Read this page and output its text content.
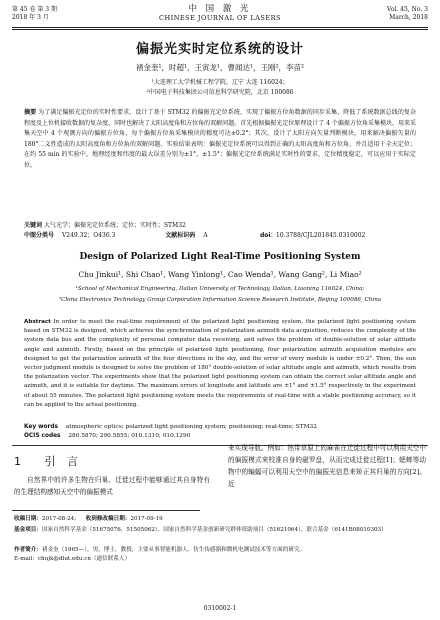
第 45 卷 第 3 期
2018 年 3 月
中 国 激 光
CHINESE JOURNAL OF LASERS
Vol. 45, No. 3
March, 2018
偏振光实时定位系统的设计
褚金奎¹，时超¹，王寅龙¹，曹闻达¹，王刚²，李苗²
¹大连理工大学机械工程学院，辽宁 大连 116024；
²中国电子科技集团公司信息科学研究院，北京 100086
摘要 为了满足偏振光定位的实时性要求，设计了基于 STM32 的偏振光定位系统，实现了偏振方位角数据的同步采集，降低了系统数据总线的复杂程度及上位机接收数据的复杂度，同时也解决了太阳高度角和方位角的双解问题。首先根据偏振光定位原理设计了 4 个偏振方位角采集模块，用来采集天空中 4 个观测方向的偏振方位角，每个偏振方位角采集模块的精度可达±0.2°；其次，设计了太阳方向矢量判断模块，用来解决偏振矢量的 180°二义性造成的太阳高度角和方位角的双解问题。实验结果表明：偏振光定位系统可以得到正确的太阳高度角和方位角，并且适用于全天定位；在约 55 min 的实验中，地理经度和纬度的最大误差分别为±1°，±1.5°；偏振光定位系统满足实时性的要求，定位精度稳定，可以应用于实际定位。
关键词 大气光学；偏振光定位系统；定位；实时性；STM32
中图分类号 V249.32；O436.3	文献标识码 A	doi： 10.3788/CJL201845.0310002
Design of Polarized Light Real-Time Positioning System
Chu Jinkui¹, Shi Chao¹, Wang Yinlong¹, Cao Wenda¹, Wang Gang², Li Miao²
¹School of Mechanical Engineering, Dalian University of Technology, Dalian, Liaoning 116024, China;
²China Electronics Technology Group Corporation Information Science Research Institute, Beijing 100086, China
Abstract In order to meet the real-time requirement of the polarized light positioning system, the polarized light positioning system based on STM32 is designed, which achieves the synchronization of polarization azimuth data acquisition, reduces the complexity of the system data bus and the complexity of personal computer data receiving, and solves the problem of double-solution of solar altitude angle and azimuth. Firstly, based on the principle of polarized light positioning, four polarization azimuth acquisition modules are designed to get the polarization azimuth of the four directions in the sky, and the error of every module is under ±0.2°. Then, the sun vector judgment module is designed to solve the problem of 180° double-solution of solar altitude angle and azimuth, which results from the polarization vector. The experiments show that the polarized light positioning system can obtain the correct solar altitude angle and azimuth, and it is suitable for daytime. The maximum errors of longitude and latitude are ±1° and ±1.5° respectively in the experiment of about 55 minutes. The polarized light positioning system meets the requirements of real-time with a stable positioning accuracy, so it can be applied to the actual positioning.
Key words atmospheric optics; polarized light positioning system; positioning; real-time; STM32
OCIS codes 280.5870; 290.5855; 010.1310; 010.1290
1 引 言
自然界中的许多生物在归巢、迁徙过程中能够通过其自身特有的生理结构感知天空中的偏振模式
来实现导航。例如：热带草原上的麻雀在迁徙过程中可以利用天空中的偏振模式来校准自身的磁罗盘，从而完成迁徙过程[1]；蟋蟀等动物中的蝙蝠可以利用天空中的偏振光信息来矫正其归巢的方向[2]。近
收稿日期：2017-08-24； 收到修改稿日期：2017-09-19
基金项目：国家自然科学基金（51675076，51505062）、国家自然科学基金创新研究群体资助项目（51621064）、联合基金（6141B08010303）
作者简介：褚金奎（1965—），男，博士，教授，主要从事智能机器人、仿生传感器和微机电测试技术等方面的研究。
E-mail：chujk@dlut.edu.cn（通信联系人）
0310002-1
